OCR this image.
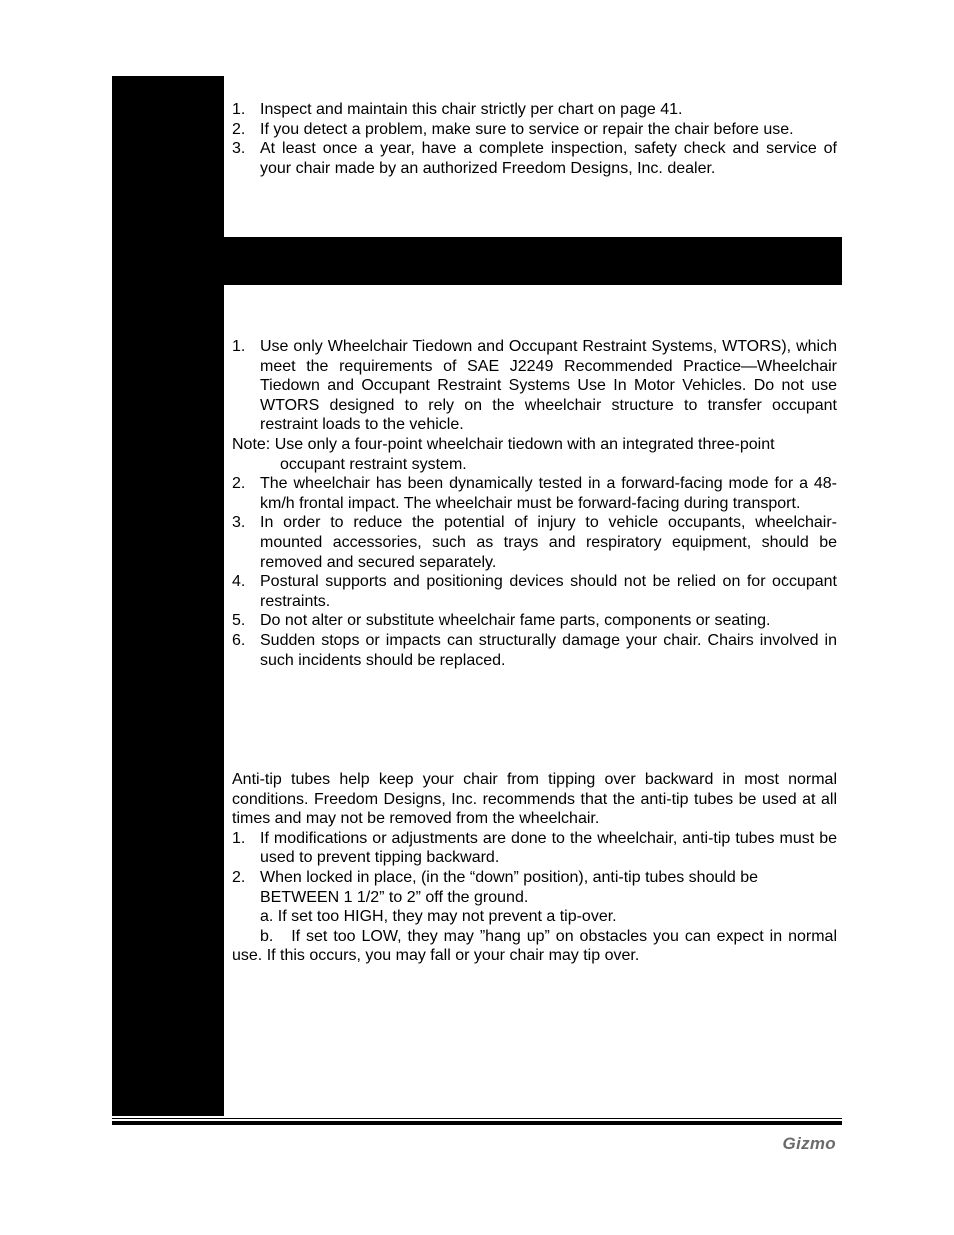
1. Inspect and maintain this chair strictly per chart on page 41.
2. If you detect a problem, make sure to service or repair the chair before use.
3. At least once a year, have a complete inspection, safety check and service of your chair made by an authorized Freedom Designs, Inc. dealer.
1. Use only Wheelchair Tiedown and Occupant Restraint Systems, WTORS), which meet the requirements of SAE J2249 Recommended Practice—Wheelchair Tiedown and Occupant Restraint Systems Use In Motor Vehicles. Do not use WTORS designed to rely on the wheelchair structure to transfer occupant restraint loads to the vehicle.
Note: Use only a four-point wheelchair tiedown with an integrated three-point
occupant restraint system.
2. The wheelchair has been dynamically tested in a forward-facing mode for a 48-km/h frontal impact. The wheelchair must be forward-facing during transport.
3. In order to reduce the potential of injury to vehicle occupants, wheelchair-mounted accessories, such as trays and respiratory equipment, should be removed and secured separately.
4. Postural supports and positioning devices should not be relied on for occupant restraints.
5. Do not alter or substitute wheelchair fame parts, components or seating.
6. Sudden stops or impacts can structurally damage your chair. Chairs involved in such incidents should be replaced.
Anti-tip tubes help keep your chair from tipping over backward in most normal conditions. Freedom Designs, Inc. recommends that the anti-tip tubes be used at all times and may not be removed from the wheelchair.
1. If modifications or adjustments are done to the wheelchair, anti-tip tubes must be used to prevent tipping backward.
2. When locked in place, (in the “down” position), anti-tip tubes should be
BETWEEN 1 1/2” to 2” off the ground.
a. If set too HIGH, they may not prevent a tip-over.
b.   If set too LOW, they may ”hang up” on obstacles you can expect in normal                      use. If this occurs, you may fall or your chair may tip over.
Gizmo
